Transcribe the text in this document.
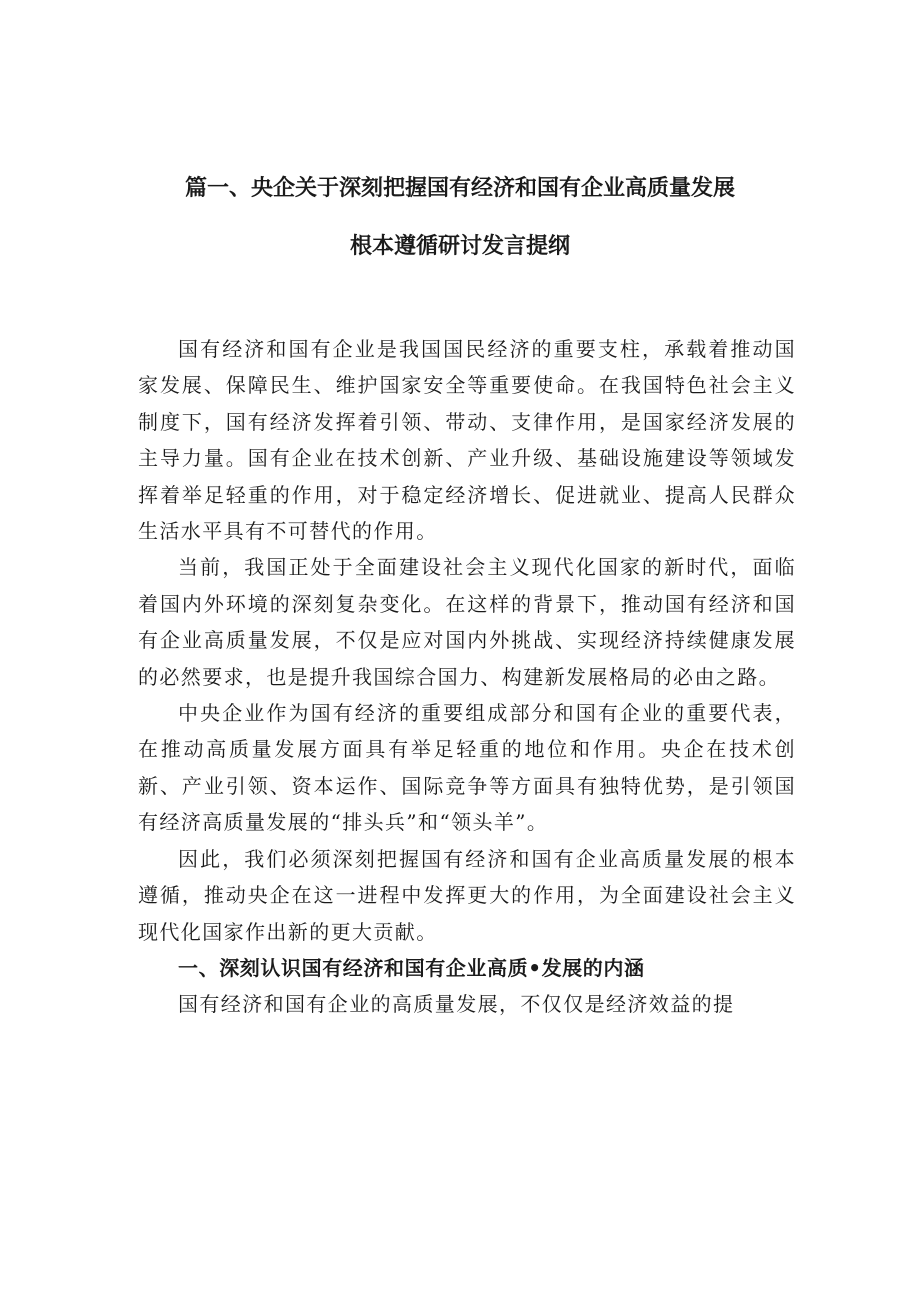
篇一、央企关于深刻把握国有经济和国有企业高质量发展
根本遵循研讨发言提纲

国有经济和国有企业是我国国民经济的重要支柱，承载着推动国家发展、保障民生、维护国家安全等重要使命。在我国特色社会主义制度下，国有经济发挥着引领、带动、支律作用，是国家经济发展的主导力量。国有企业在技术创新、产业升级、基础设施建设等领域发挥着举足轻重的作用，对于稳定经济增长、促进就业、提高人民群众生活水平具有不可替代的作用。

当前，我国正处于全面建设社会主义现代化国家的新时代，面临着国内外环境的深刻复杂变化。在这样的背景下，推动国有经济和国有企业高质量发展，不仅是应对国内外挑战、实现经济持续健康发展的必然要求，也是提升我国综合国力、构建新发展格局的必由之路。

中央企业作为国有经济的重要组成部分和国有企业的重要代表，在推动高质量发展方面具有举足轻重的地位和作用。央企在技术创新、产业引领、资本运作、国际竞争等方面具有独特优势，是引领国有经济高质量发展的“排头兵”和“领头羊”。

因此，我们必须深刻把握国有经济和国有企业高质量发展的根本遵循，推动央企在这一进程中发挥更大的作用，为全面建设社会主义现代化国家作出新的更大贡献。

一、深刻认识国有经济和国有企业高质•发展的内涵

国有经济和国有企业的高质量发展，不仅仅是经济效益的提
